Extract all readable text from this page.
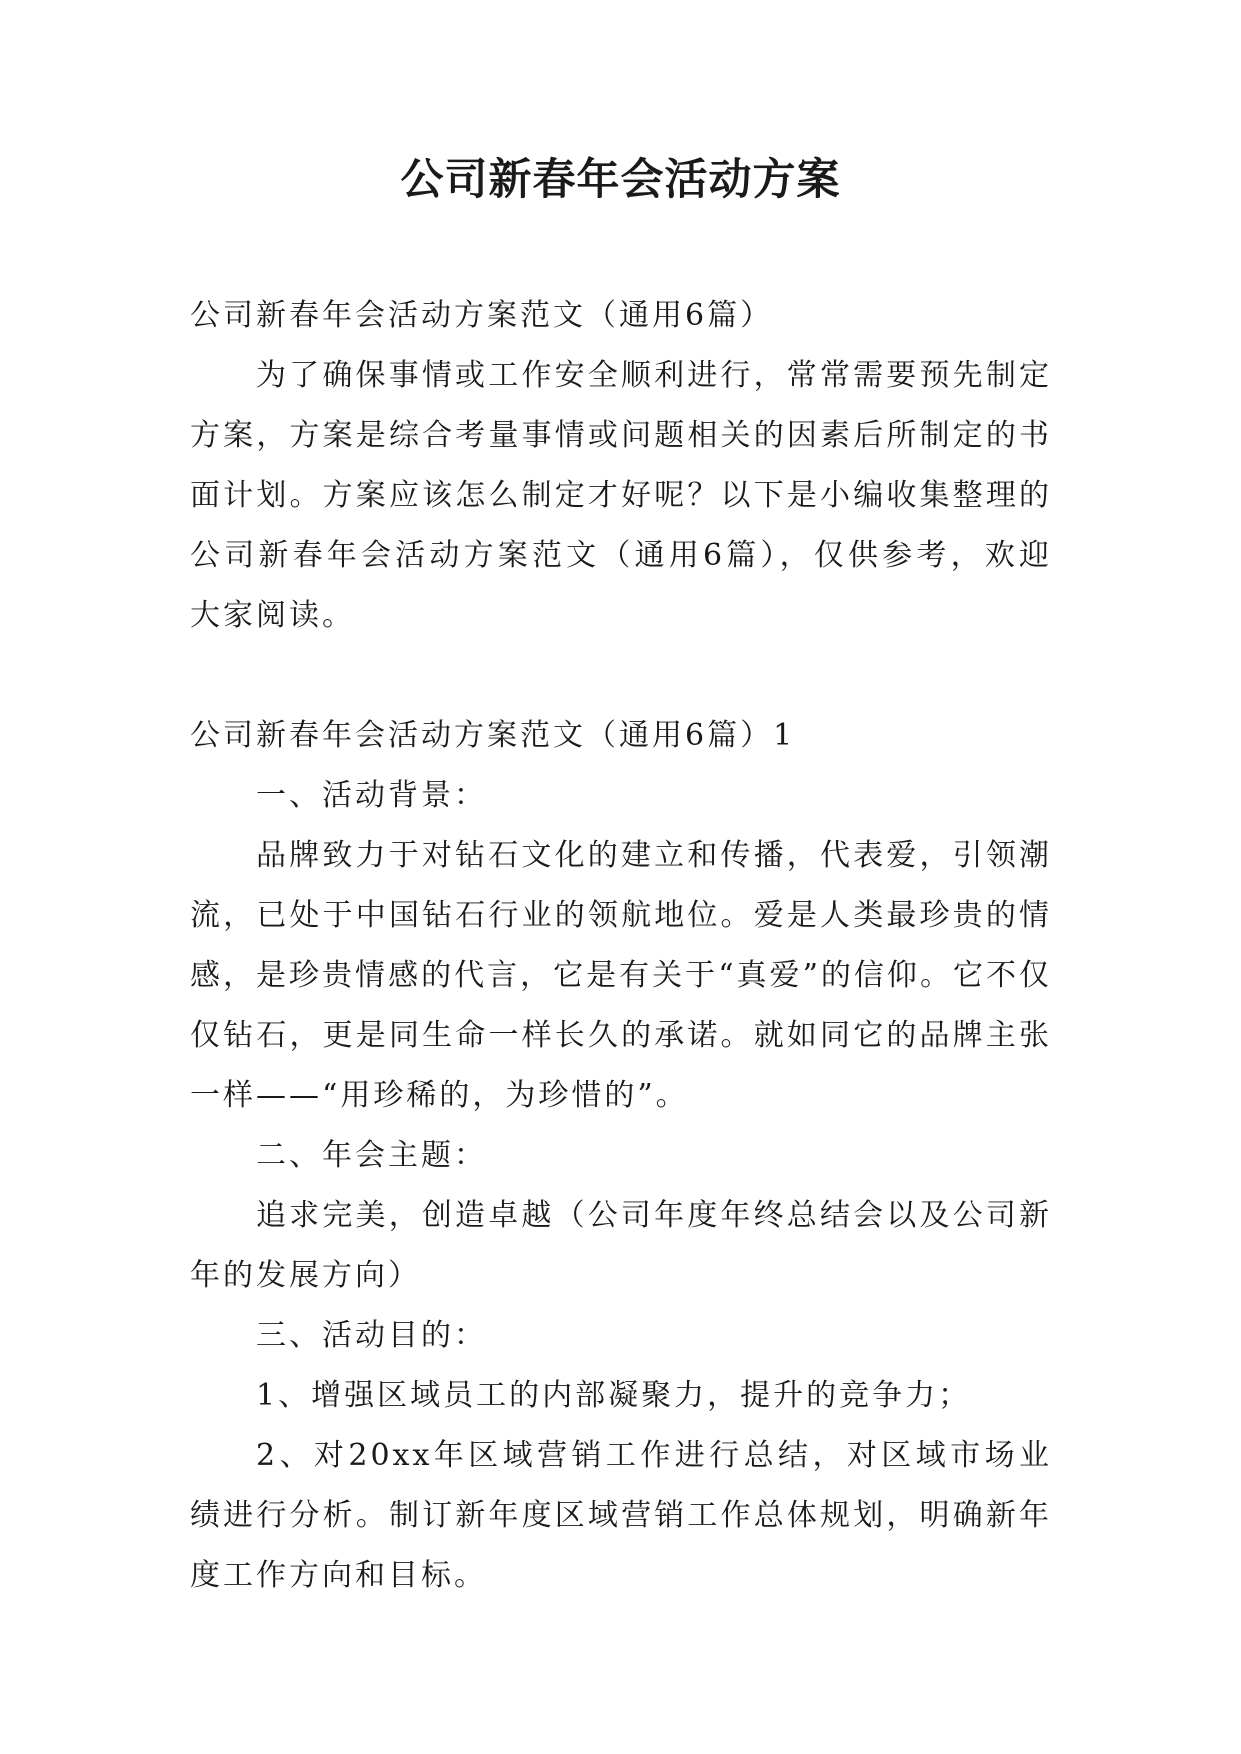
公司新春年会活动方案

公司新春年会活动方案范文（通用6篇）

为了确保事情或工作安全顺利进行，常常需要预先制定方案，方案是综合考量事情或问题相关的因素后所制定的书面计划。方案应该怎么制定才好呢？以下是小编收集整理的公司新春年会活动方案范文（通用6篇），仅供参考，欢迎大家阅读。

公司新春年会活动方案范文（通用6篇）1

一、活动背景：

品牌致力于对钻石文化的建立和传播，代表爱，引领潮流，已处于中国钻石行业的领航地位。爱是人类最珍贵的情感，是珍贵情感的代言，它是有关于“真爱”的信仰。它不仅仅钻石，更是同生命一样长久的承诺。就如同它的品牌主张一样——“用珍稀的，为珍惜的”。

二、年会主题：

追求完美，创造卓越（公司年度年终总结会以及公司新年的发展方向）

三、活动目的：

1、增强区域员工的内部凝聚力，提升的竞争力；

2、对20xx年区域营销工作进行总结，对区域市场业绩进行分析。制订新年度区域营销工作总体规划，明确新年度工作方向和目标。
